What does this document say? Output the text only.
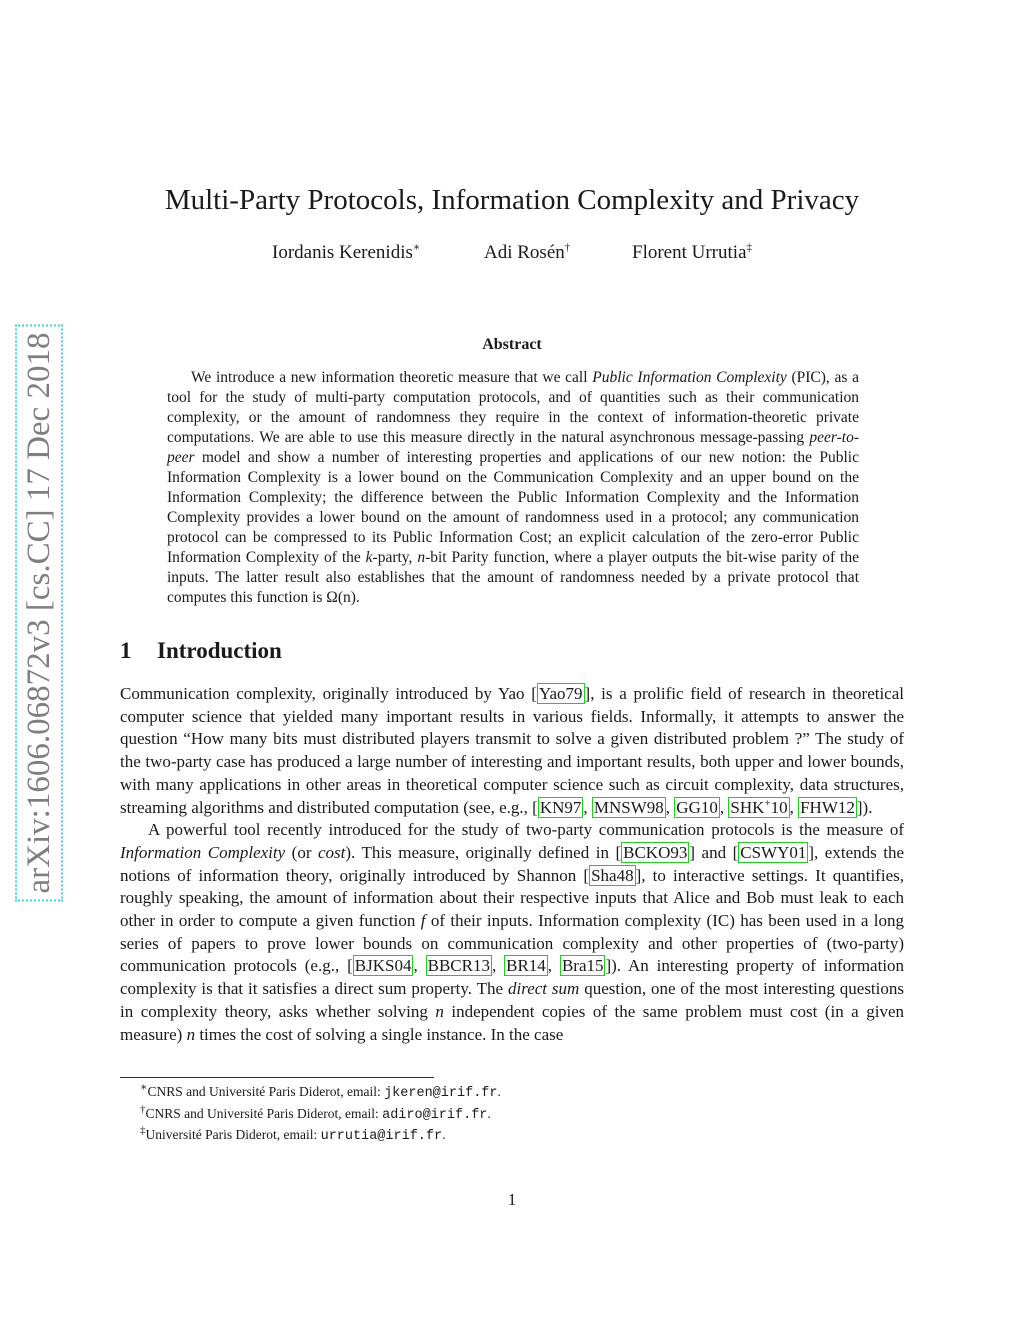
arXiv:1606.06872v3 [cs.CC] 17 Dec 2018
Multi-Party Protocols, Information Complexity and Privacy
Iordanis Kerenidis∗	Adi Rosén†	Florent Urrutia‡
Abstract

We introduce a new information theoretic measure that we call Public Information Complexity (PIC), as a tool for the study of multi-party computation protocols, and of quantities such as their communication complexity, or the amount of randomness they require in the context of information-theoretic private computations. We are able to use this measure directly in the natural asynchronous message-passing peer-to-peer model and show a number of interesting properties and applications of our new notion: the Public Information Complexity is a lower bound on the Communication Complexity and an upper bound on the Information Complexity; the difference between the Public Information Complexity and the Information Complexity provides a lower bound on the amount of randomness used in a protocol; any communication protocol can be compressed to its Public Information Cost; an explicit calculation of the zero-error Public Information Complexity of the k-party, n-bit Parity function, where a player outputs the bit-wise parity of the inputs. The latter result also establishes that the amount of randomness needed by a private protocol that computes this function is Ω(n).

1 Introduction

Communication complexity, originally introduced by Yao [ Yao79 ], is a prolific field of research in theoretical computer science that yielded many important results in various fields. Informally, it attempts to answer the question “How many bits must distributed players transmit to solve a given distributed problem ?” The study of the two-party case has produced a large number of interesting and important results, both upper and lower bounds, with many applications in other areas in theoretical computer science such as circuit complexity, data structures, streaming algorithms and distributed computation (see, e.g., [ KN97 , MNSW98 , GG10 , SHK+10 , FHW12 ]).

A powerful tool recently introduced for the study of two-party communication protocols is the measure of Information Complexity (or cost). This measure, originally defined in [ BCKO93 ] and [ CSWY01 ], extends the notions of information theory, originally introduced by Shannon [ Sha48 ], to interactive settings. It quantifies, roughly speaking, the amount of information about their respective inputs that Alice and Bob must leak to each other in order to compute a given function f of their inputs. Information complexity (IC) has been used in a long series of papers to prove lower bounds on communication complexity and other properties of (two-party) communication protocols (e.g., [ BJKS04 , BBCR13 , BR14 , Bra15 ]). An interesting property of information complexity is that it satisfies a direct sum property. The direct sum question, one of the most interesting questions in complexity theory, asks whether solving n independent copies of the same problem must cost (in a given measure) n times the cost of solving a single instance. In the case

∗CNRS and Université Paris Diderot, email: jkeren@irif.fr.
†CNRS and Université Paris Diderot, email: adiro@irif.fr.
‡Université Paris Diderot, email: urrutia@irif.fr.
1
